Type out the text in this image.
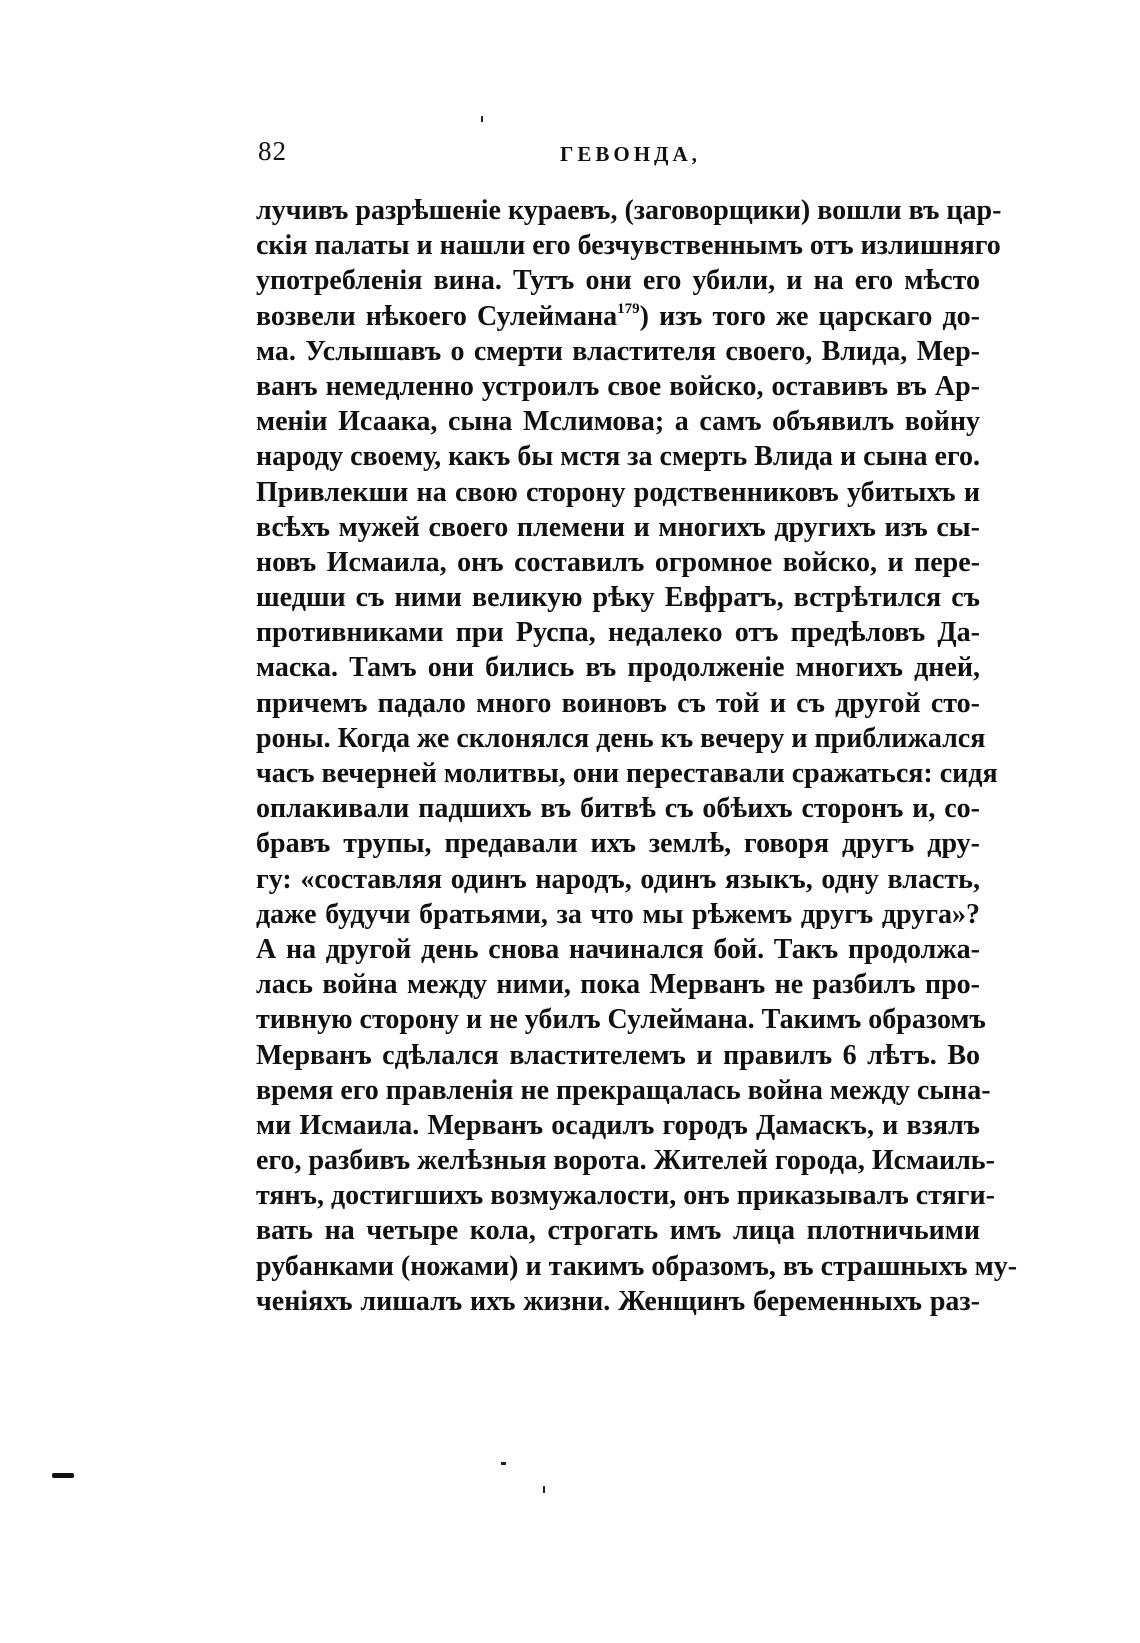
82	ГЕВОНДА,
лучивъ разрѣшеніе кураевъ, (заговорщики) вошли въ цар-
скія палаты и нашли его безчувственнымъ отъ излишняго
употребленія вина. Тутъ они его убили, и на его мѣсто
возвели нѣкоего Сулеймана$^{179}$) изъ того же царскаго до-
ма. Услышавъ о смерти властителя своего, Влида, Мер-
ванъ немедленно устроилъ свое войско, оставивъ въ Ар-
меніи Исаака, сына Мслимова; а самъ объявилъ войну
народу своему, какъ бы мстя за смерть Влида и сына его.
Привлекши на свою сторону родственниковъ убитыхъ и
всѣхъ мужей своего племени и многихъ другихъ изъ сы-
новъ Исмаила, онъ составилъ огромное войско, и пере-
шедши съ ними великую рѣку Евфратъ, встрѣтился съ
противниками при Руспа, недалеко отъ предѣловъ Да-
маска. Тамъ они бились въ продолженіе многихъ дней,
причемъ падало много воиновъ съ той и съ другой сто-
роны. Когда же склонялся день къ вечеру и приближался
часъ вечерней молитвы, они переставали сражаться: сидя
оплакивали падшихъ въ битвѣ съ обѣихъ сторонъ и, со-
бравъ трупы, предавали ихъ землѣ, говоря другъ дру-
гу: «составляя одинъ народъ, одинъ языкъ, одну власть,
даже будучи братьями, за что мы рѣжемъ другъ друга»?
А на другой день снова начинался бой. Такъ продолжа-
лась война между ними, пока Мерванъ не разбилъ про-
тивную сторону и не убилъ Сулеймана. Такимъ образомъ
Мерванъ сдѣлался властителемъ и правилъ 6 лѣтъ. Во
время его правленія не прекращалась война между сына-
ми Исмаила. Мерванъ осадилъ городъ Дамаскъ, и взялъ
его, разбивъ желѣзныя ворота. Жителей города, Исмаиль-
тянъ, достигшихъ возмужалости, онъ приказывалъ стяги-
вать на четыре кола, строгать имъ лица плотничьими
рубанками (ножами) и такимъ образомъ, въ страшныхъ му-
ченіяхъ лишалъ ихъ жизни. Женщинъ беременныхъ раз-
